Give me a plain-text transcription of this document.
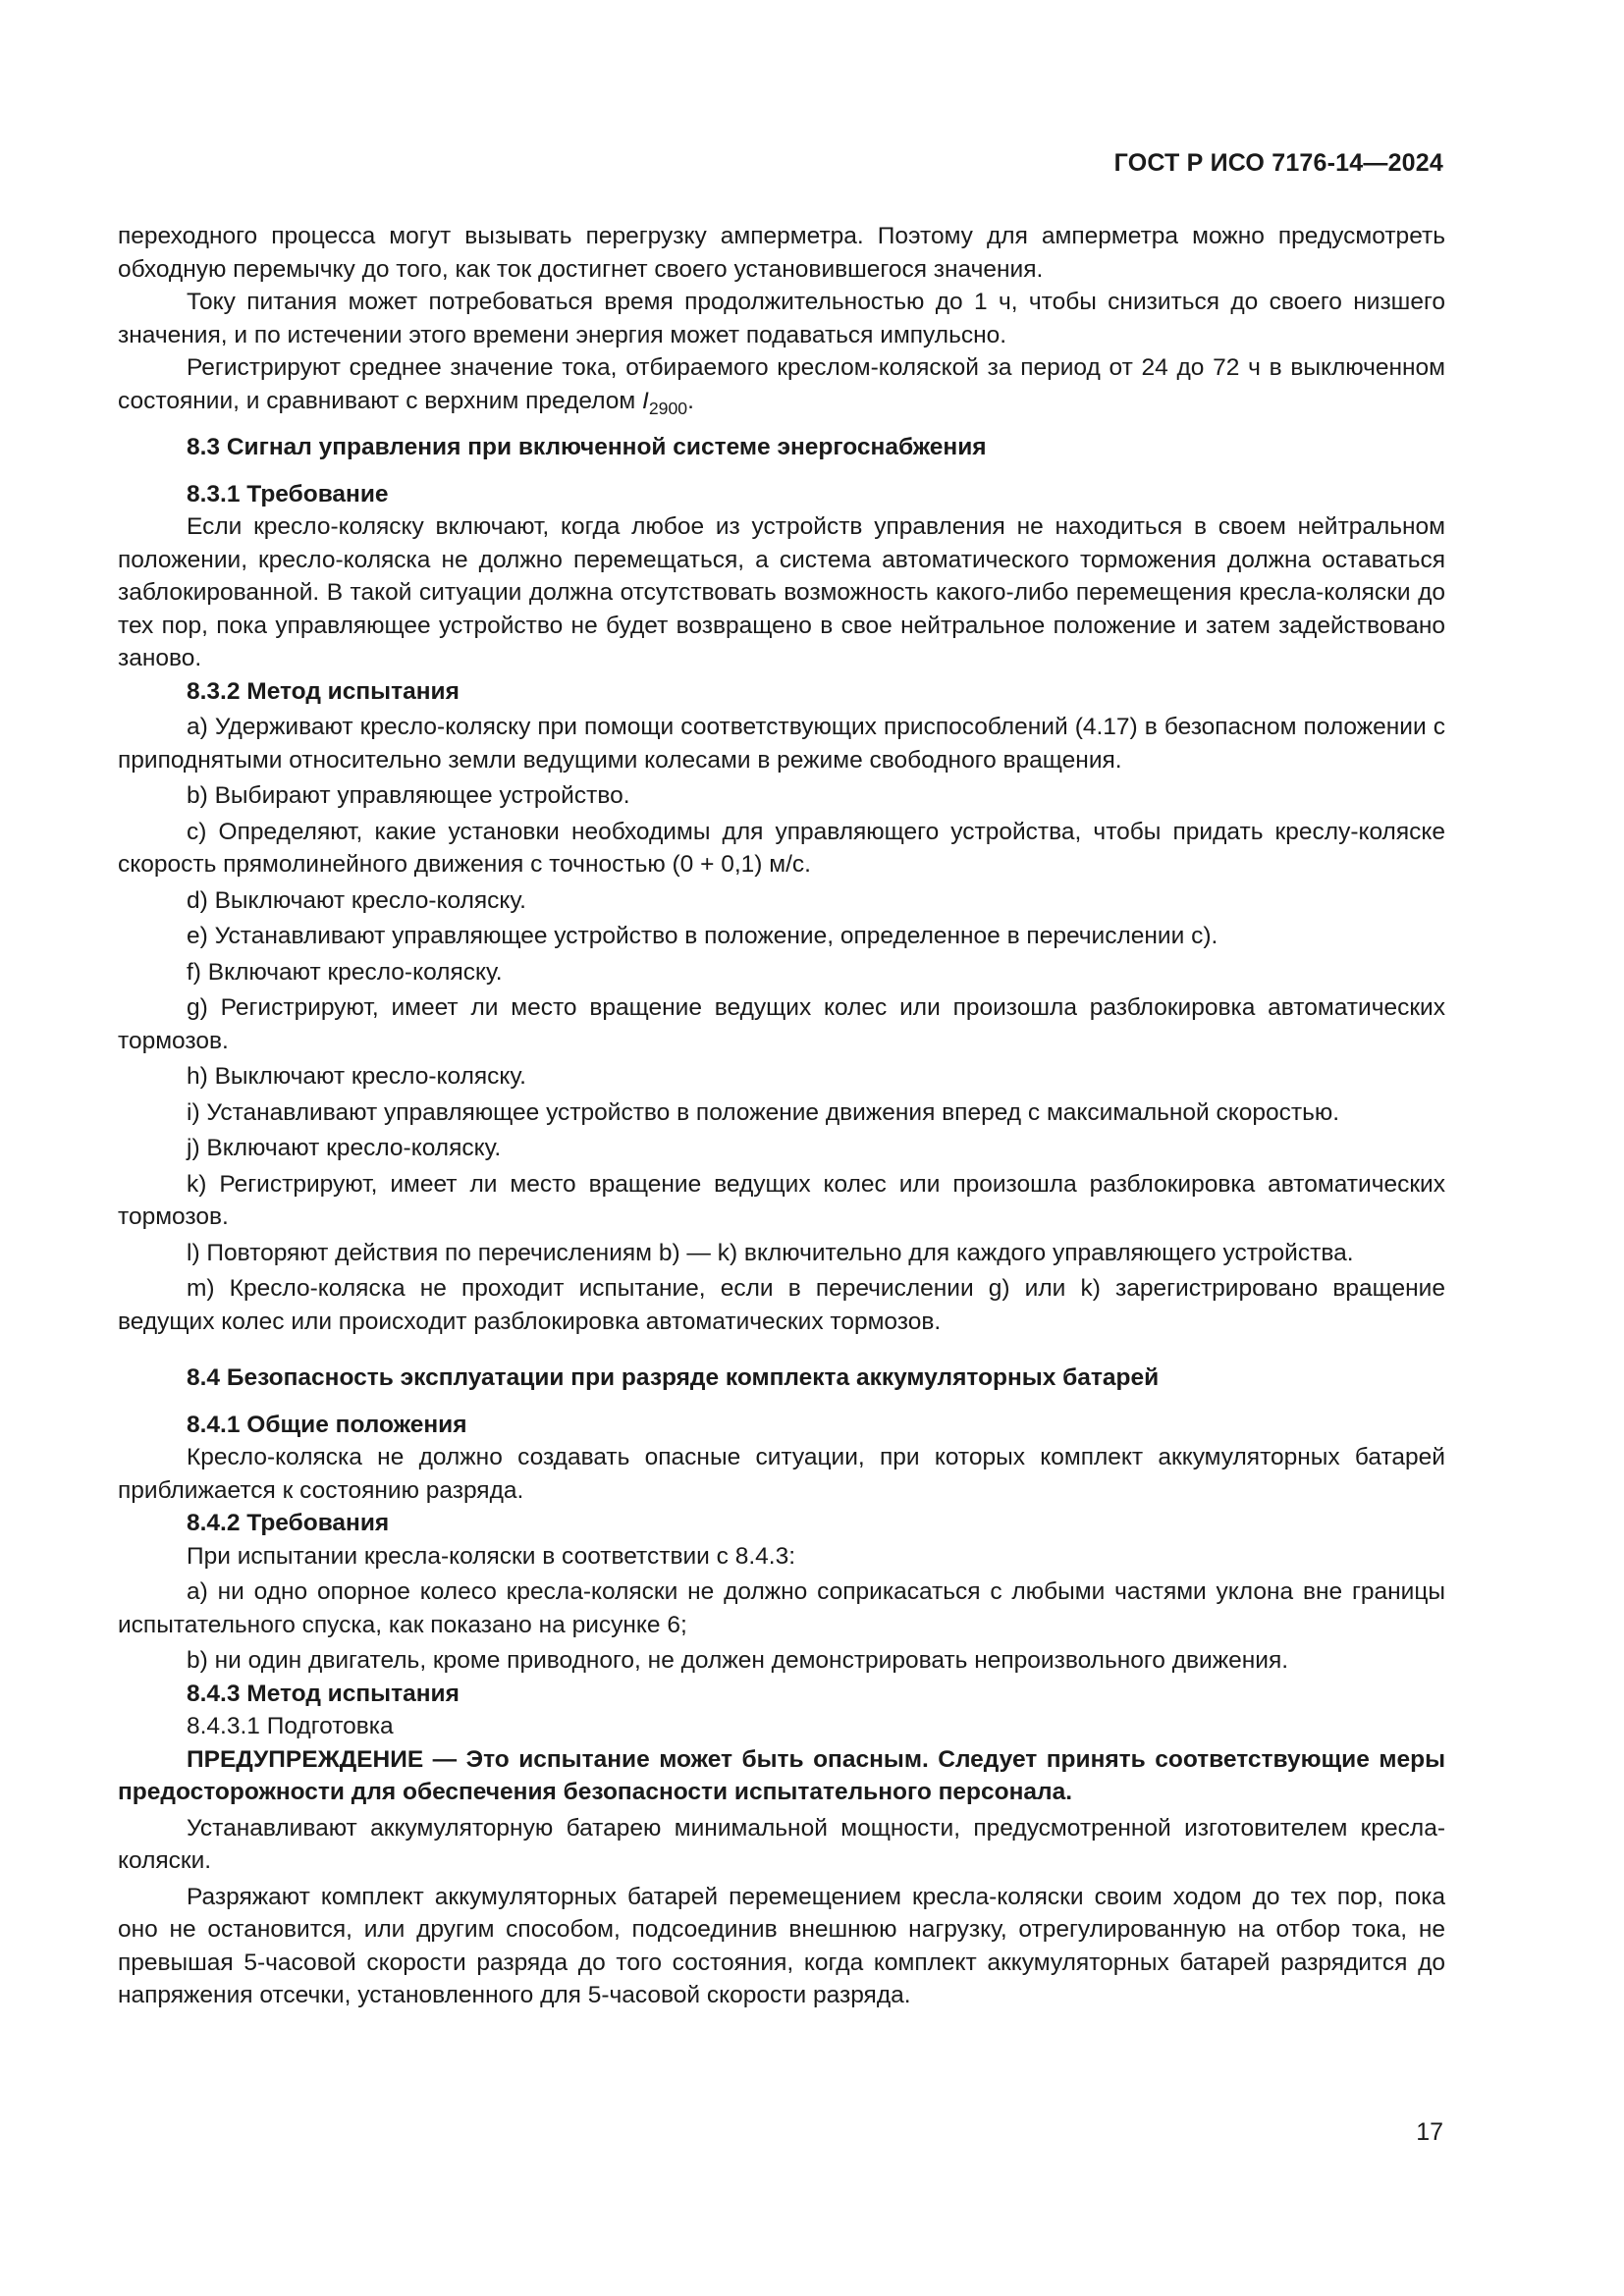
ГОСТ Р ИСО 7176-14—2024

переходного процесса могут вызывать перегрузку амперметра. Поэтому для амперметра можно предусмотреть обходную перемычку до того, как ток достигнет своего установившегося значения.

Току питания может потребоваться время продолжительностью до 1 ч, чтобы снизиться до своего низшего значения, и по истечении этого времени энергия может подаваться импульсно.

Регистрируют среднее значение тока, отбираемого креслом-коляской за период от 24 до 72 ч в выключенном состоянии, и сравнивают с верхним пределом $I_{2900}$.

8.3 Сигнал управления при включенной системе энергоснабжения

8.3.1 Требование

Если кресло-коляску включают, когда любое из устройств управления не находиться в своем нейтральном положении, кресло-коляска не должно перемещаться, а система автоматического торможения должна оставаться заблокированной. В такой ситуации должна отсутствовать возможность какого-либо перемещения кресла-коляски до тех пор, пока управляющее устройство не будет возвращено в свое нейтральное положение и затем задействовано заново.

8.3.2 Метод испытания

a) Удерживают кресло-коляску при помощи соответствующих приспособлений (4.17) в безопасном положении с приподнятыми относительно земли ведущими колесами в режиме свободного вращения.

b) Выбирают управляющее устройство.

c) Определяют, какие установки необходимы для управляющего устройства, чтобы придать креслу-коляске скорость прямолинейного движения с точностью (0 + 0,1) м/с.

d) Выключают кресло-коляску.

e) Устанавливают управляющее устройство в положение, определенное в перечислении c).

f) Включают кресло-коляску.

g) Регистрируют, имеет ли место вращение ведущих колес или произошла разблокировка автоматических тормозов.

h) Выключают кресло-коляску.

i) Устанавливают управляющее устройство в положение движения вперед с максимальной скоростью.

j) Включают кресло-коляску.

k) Регистрируют, имеет ли место вращение ведущих колес или произошла разблокировка автоматических тормозов.

l) Повторяют действия по перечислениям b) — k) включительно для каждого управляющего устройства.

m) Кресло-коляска не проходит испытание, если в перечислении g) или k) зарегистрировано вращение ведущих колес или происходит разблокировка автоматических тормозов.

8.4 Безопасность эксплуатации при разряде комплекта аккумуляторных батарей

8.4.1 Общие положения

Кресло-коляска не должно создавать опасные ситуации, при которых комплект аккумуляторных батарей приближается к состоянию разряда.

8.4.2 Требования

При испытании кресла-коляски в соответствии с 8.4.3:

a) ни одно опорное колесо кресла-коляски не должно соприкасаться с любыми частями уклона вне границы испытательного спуска, как показано на рисунке 6;

b) ни один двигатель, кроме приводного, не должен демонстрировать непроизвольного движения.

8.4.3 Метод испытания

8.4.3.1 Подготовка

ПРЕДУПРЕЖДЕНИЕ — Это испытание может быть опасным. Следует принять соответствующие меры предосторожности для обеспечения безопасности испытательного персонала.

Устанавливают аккумуляторную батарею минимальной мощности, предусмотренной изготовителем кресла-коляски.

Разряжают комплект аккумуляторных батарей перемещением кресла-коляски своим ходом до тех пор, пока оно не остановится, или другим способом, подсоединив внешнюю нагрузку, отрегулированную на отбор тока, не превышая 5-часовой скорости разряда до того состояния, когда комплект аккумуляторных батарей разрядится до напряжения отсечки, установленного для 5-часовой скорости разряда.

17
